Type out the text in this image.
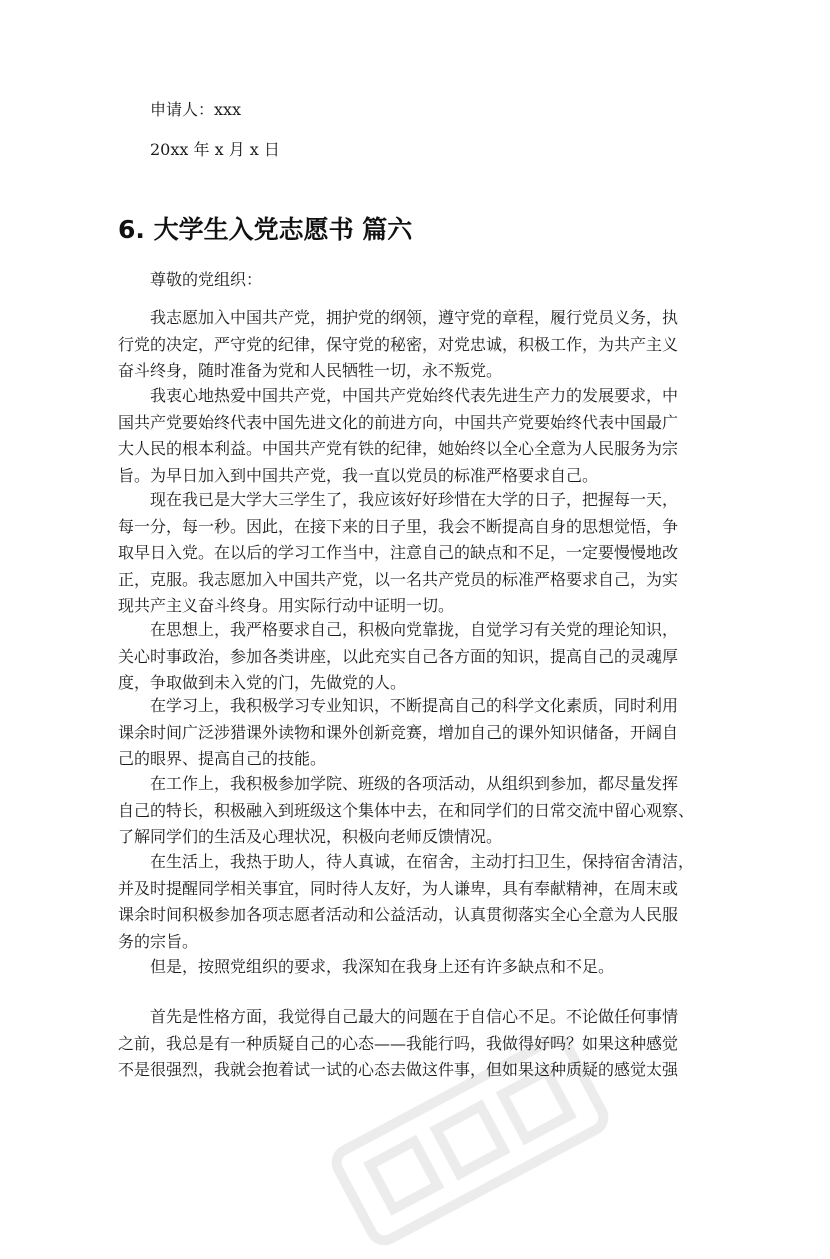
申请人：xxx

20xx 年 x 月 x 日

6. 大学生入党志愿书 篇六

尊敬的党组织：

我志愿加入中国共产党，拥护党的纲领，遵守党的章程，履行党员义务，执
行党的决定，严守党的纪律，保守党的秘密，对党忠诚，积极工作，为共产主义
奋斗终身，随时准备为党和人民牺牲一切，永不叛党。
我衷心地热爱中国共产党，中国共产党始终代表先进生产力的发展要求，中
国共产党要始终代表中国先进文化的前进方向，中国共产党要始终代表中国最广
大人民的根本利益。中国共产党有铁的纪律，她始终以全心全意为人民服务为宗
旨。为早日加入到中国共产党，我一直以党员的标准严格要求自己。
现在我已是大学大三学生了，我应该好好珍惜在大学的日子，把握每一天，
每一分，每一秒。因此，在接下来的日子里，我会不断提高自身的思想觉悟，争
取早日入党。在以后的学习工作当中，注意自己的缺点和不足，一定要慢慢地改
正，克服。我志愿加入中国共产党，以一名共产党员的标准严格要求自己，为实
现共产主义奋斗终身。用实际行动中证明一切。
在思想上，我严格要求自己，积极向党靠拢，自觉学习有关党的理论知识，
关心时事政治，参加各类讲座，以此充实自己各方面的知识，提高自己的灵魂厚
度，争取做到未入党的门，先做党的人。
在学习上，我积极学习专业知识，不断提高自己的科学文化素质，同时利用
课余时间广泛涉猎课外读物和课外创新竞赛，增加自己的课外知识储备，开阔自
己的眼界、提高自己的技能。
在工作上，我积极参加学院、班级的各项活动，从组织到参加，都尽量发挥
自己的特长，积极融入到班级这个集体中去，在和同学们的日常交流中留心观察、
了解同学们的生活及心理状况，积极向老师反馈情况。
在生活上，我热于助人，待人真诚，在宿舍，主动打扫卫生，保持宿舍清洁，
并及时提醒同学相关事宜，同时待人友好，为人谦卑，具有奉献精神，在周末或
课余时间积极参加各项志愿者活动和公益活动，认真贯彻落实全心全意为人民服
务的宗旨。
但是，按照党组织的要求，我深知在我身上还有许多缺点和不足。
首先是性格方面，我觉得自己最大的问题在于自信心不足。不论做任何事情
之前，我总是有一种质疑自己的心态——我能行吗，我做得好吗？如果这种感觉
不是很强烈，我就会抱着试一试的心态去做这件事，但如果这种质疑的感觉太强
